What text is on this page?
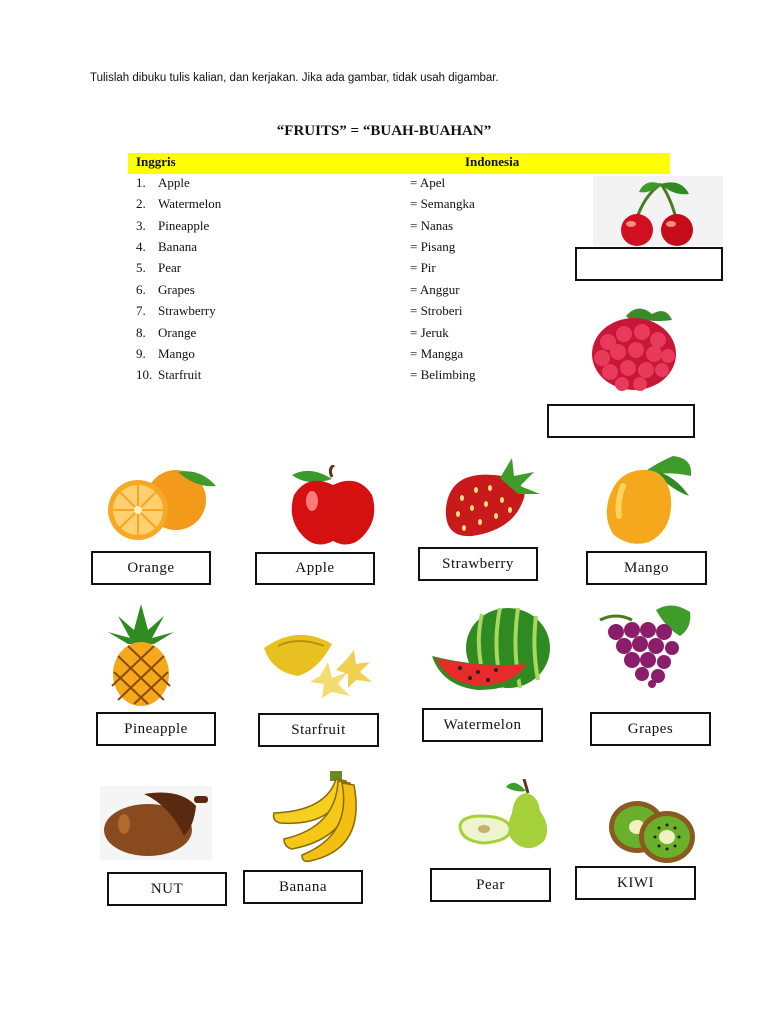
Tulislah dibuku tulis kalian, dan kerjakan. Jika ada gambar, tidak usah digambar.
“FRUITS” = “BUAH-BUAHAN”
Inggris	Indonesia
1. Apple	= Apel
2. Watermelon	= Semangka
3. Pineapple	= Nanas
4. Banana	= Pisang
5. Pear	= Pir
6. Grapes	= Anggur
7. Strawberry	= Stroberi
8. Orange	= Jeruk
9. Mango	= Mangga
10. Starfruit	= Belimbing
Orange	Apple	Strawberry	Mango
Pineapple	Starfruit	Watermelon	Grapes
NUT	Banana	Pear	KIWI
